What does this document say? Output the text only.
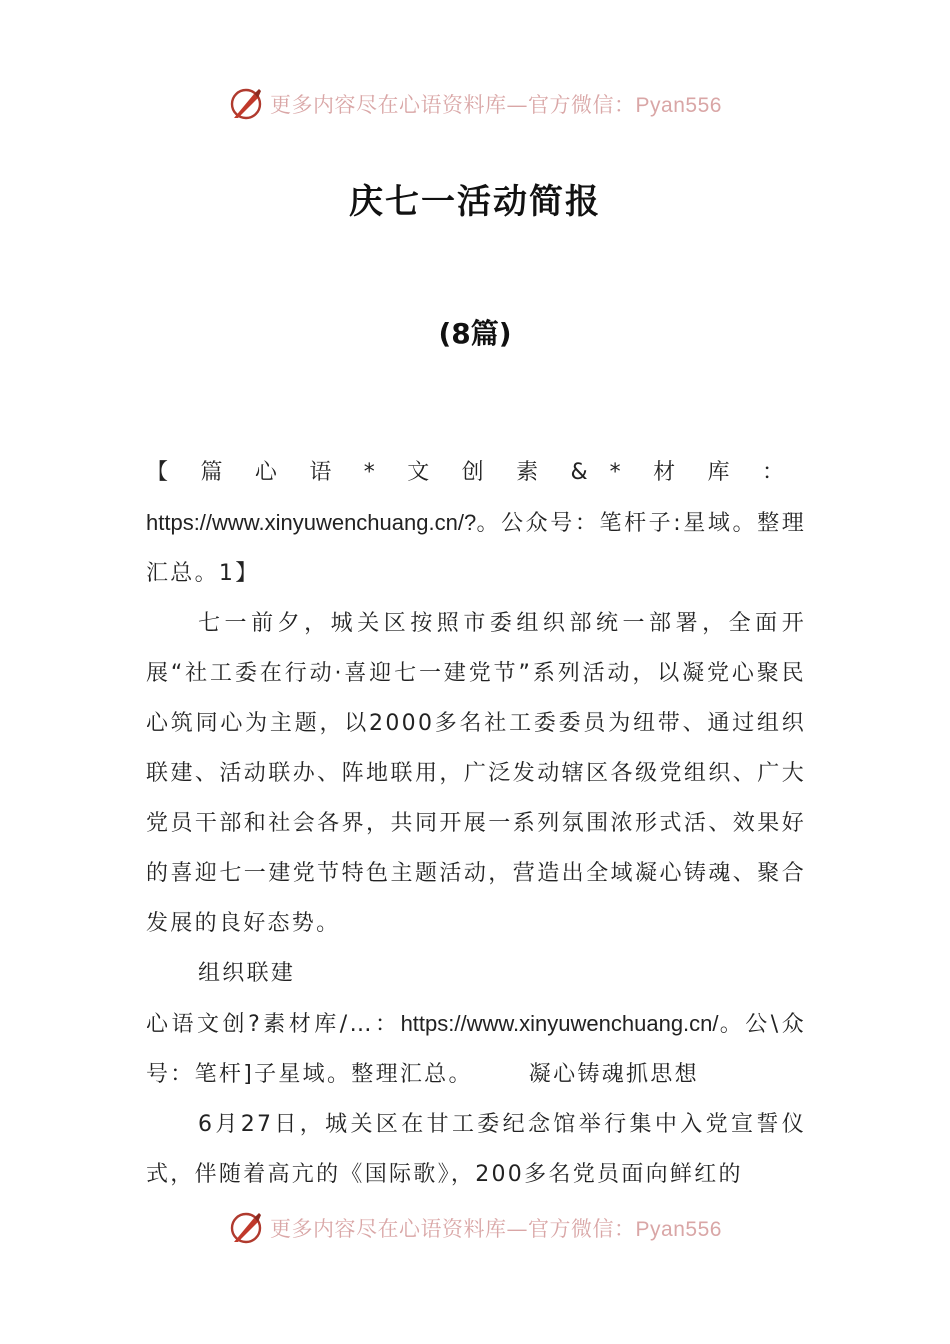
更多内容尽在心语资料库—官方微信：Pyan556
庆七一活动简报
(8篇)

【篇心语*文创素&*材库：https://www.xinyuwenchuang.cn/?。公众号：笔杆子:星域。整理汇总。1】

七一前夕，城关区按照市委组织部统一部署，全面开展“社工委在行动·喜迎七一建党节”系列活动，以凝党心聚民心筑同心为主题，以2000多名社工委委员为纽带、通过组织联建、活动联办、阵地联用，广泛发动辖区各级党组织、广大党员干部和社会各界，共同开展一系列氛围浓形式活、效果好的喜迎七一建党节特色主题活动，营造出全域凝心铸魂、聚合发展的良好态势。

组织联建

心语文创?素材库/…：https://www.xinyuwenchuang.cn/。公\众号：笔杆]子星域。整理汇总。	凝心铸魂抓思想

6月27日，城关区在甘工委纪念馆举行集中入党宣誓仪式，伴随着高亢的《国际歌》，200多名党员面向鲜红的

更多内容尽在心语资料库—官方微信：Pyan556
